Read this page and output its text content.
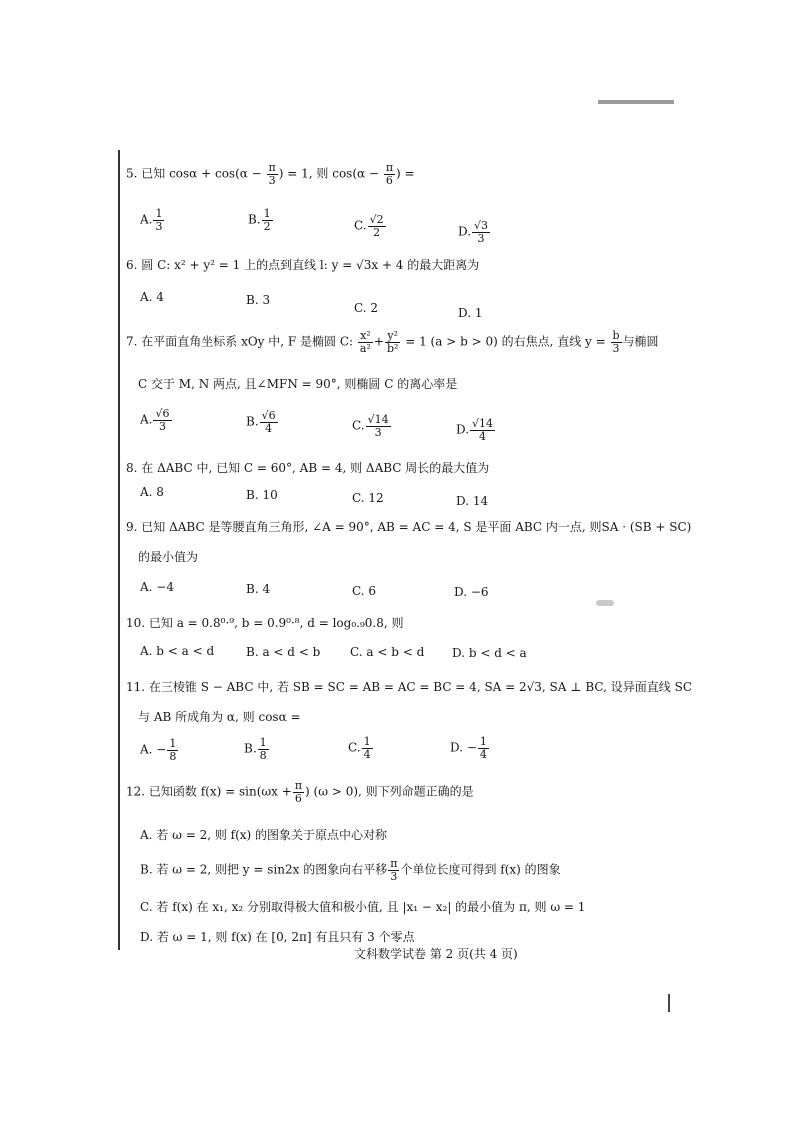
5. 已知 $\cos\alpha + \cos(\alpha - \frac{\pi}{3}$ ) = 1, 则 $\cos(\alpha - \frac{\pi}{6}$ ) =
A. $\frac{1}{3}$	B. $\frac{1}{2}$	C. $\frac{√2}{2}$	D. $\frac{√3}{3}$
6. 圆 C: x² + y² = 1 上的点到直线 l: y = √3x + 4 的最大距离为
A. 4	B. 3
C. 2	D. 1
7. 在平面直角坐标系 xOy 中, F 是椭圆 C: $\frac{\text{x²}}{\text{a²}} + \frac{\text{y²}}{\text{b²}} = 1$ (a > b > 0) 的右焦点, 直线 $y = \frac{b}{3}$ 与椭圆
C 交于 M, N 两点, 且∠MFN = 90°, 则椭圆 C 的离心率是
A. $\frac{√6}{3}$	B. $\frac{√6}{4}$	C. $\frac{√14}{3}$	D. $\frac{√14}{4}$
8. 在 ΔABC 中, 已知 C = 60°, AB = 4, 则 ΔABC 周长的最大值为
A. 8	B. 10	C. 12	D. 14
9. 已知 ΔABC 是等腰直角三角形, ∠A = 90°, AB = AC = 4, S 是平面 ABC 内一点, 则SA · (SB + SC)
的最小值为
A. −4	B. 4	C. 6	D. −6
10. 已知 a = 0.8⁰·⁹, b = 0.9⁰·⁸, d = log₀.₉0.8, 则
A. b < a < d	B. a < d < b C. a < b < d D. b < d < a
11. 在三棱锥 S − ABC 中, 若 SB = SC = AB = AC = BC = 4, SA = 2√3, SA ⊥ BC, 设异面直线 SC
与 AB 所成角为 α, 则 cosα =
A. − $\frac{1}{8}$	B. $\frac{1}{8}$	C. $\frac{1}{4}$	D. − $\frac{1}{4}$
12. 已知函数 $f(x) = \sin(\omega x + \frac{\pi}{6}$ ) (ω > 0), 则下列命题正确的是
A. 若 ω = 2, 则 f(x) 的图象关于原点中心对称
B. 若 ω = 2, 则把 y = sin2x 的图象向右平移 $\frac{\pi}{3}$ 个单位长度可得到 f(x) 的图象
C. 若 f(x) 在 x₁, x₂ 分别取得极大值和极小值, 且 |x₁ − x₂| 的最小值为 π, 则 ω = 1
D. 若 ω = 1, 则 f(x) 在 [0, 2π] 有且只有 3 个零点
文科数学试卷 第 2 页(共 4 页)
